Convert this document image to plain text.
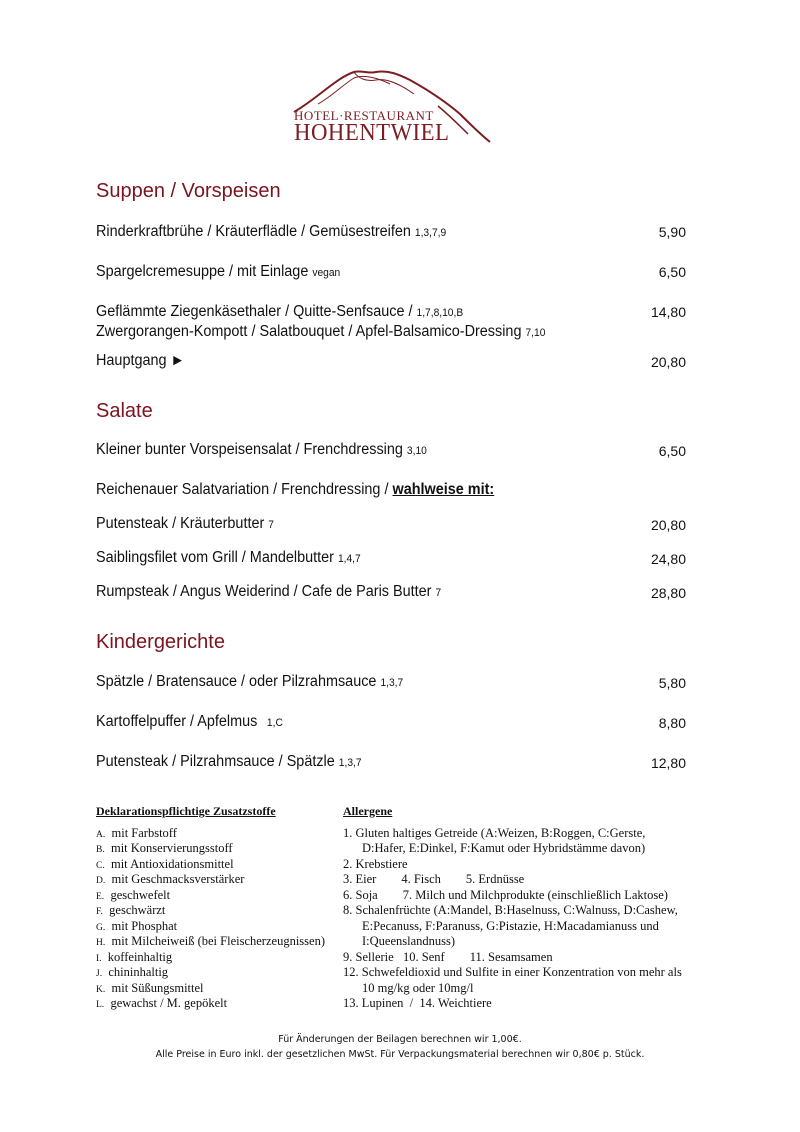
HOTEL·RESTAURANT
HOHENTWIEL
Suppen / Vorspeisen
Rinderkraftbrühe / Kräuterflädle / Gemüsestreifen 1,3,7,9	5,90
Spargelcremesuppe / mit Einlage vegan	6,50
Geflämmte Ziegenkäsethaler / Quitte-Senfsauce / 1,7,8,10,B	14,80
Zwergorangen-Kompott / Salatbouquet / Apfel-Balsamico-Dressing 7,10
Hauptgang ►	20,80
Salate
Kleiner bunter Vorspeisensalat / Frenchdressing 3,10	6,50
Reichenauer Salatvariation / Frenchdressing / wahlweise mit:
Putensteak / Kräuterbutter 7	20,80
Saiblingsfilet vom Grill / Mandelbutter 1,4,7	24,80
Rumpsteak / Angus Weiderind / Cafe de Paris Butter 7	28,80
Kindergerichte
Spätzle / Bratensauce / oder Pilzrahmsauce 1,3,7	5,80
Kartoffelpuffer / Apfelmus 1,C	8,80
Putensteak / Pilzrahmsauce / Spätzle 1,3,7	12,80
Deklarationspflichtige Zusatzstoffe
A. mit Farbstoff
B. mit Konservierungsstoff
C. mit Antioxidationsmittel
D. mit Geschmacksverstärker
E. geschwefelt
F. geschwärzt
G. mit Phosphat
H. mit Milcheiweiß (bei Fleischerzeugnissen)
I. koffeinhaltig
J. chininhaltig
K. mit Süßungsmittel
L. gewachst / M. gepökelt
Allergene
1. Gluten haltiges Getreide (A:Weizen, B:Roggen, C:Gerste,
D:Hafer, E:Dinkel, F:Kamut oder Hybridstämme davon)
2. Krebstiere
3. Eier        4. Fisch        5. Erdnüsse
6. Soja        7. Milch und Milchprodukte (einschließlich Laktose)
8. Schalenfrüchte (A:Mandel, B:Haselnuss, C:Walnuss, D:Cashew,
E:Pecanuss, F:Paranuss, G:Pistazie, H:Macadamianuss und
I:Queenslandnuss)
9. Sellerie   10. Senf        11. Sesamsamen
12. Schwefeldioxid und Sulfite in einer Konzentration von mehr als
10 mg/kg oder 10mg/l
13. Lupinen  /  14. Weichtiere
Für Änderungen der Beilagen berechnen wir 1,00€.
Alle Preise in Euro inkl. der gesetzlichen MwSt. Für Verpackungsmaterial berechnen wir 0,80€ p. Stück.
